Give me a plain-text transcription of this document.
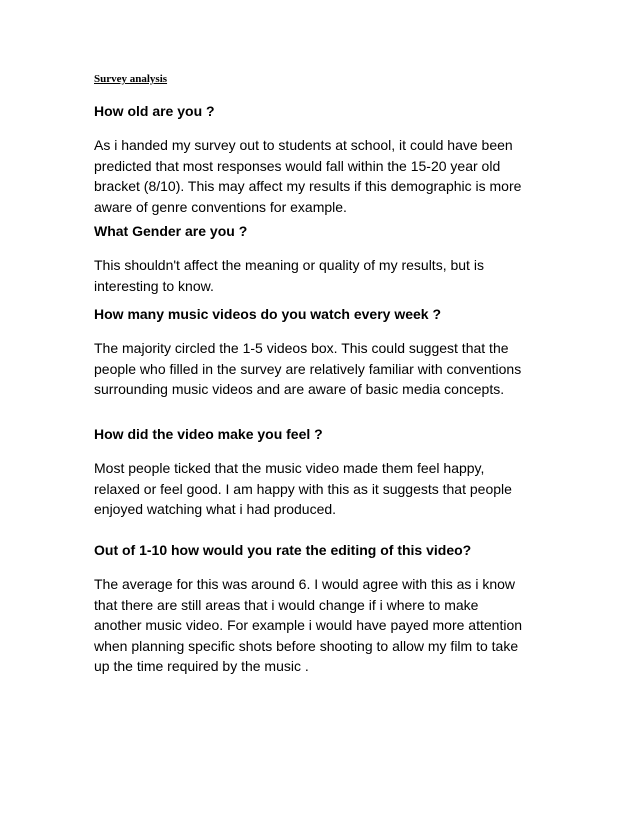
Survey analysis
How old are you ?
As i handed my survey out to students at school, it could have been
predicted that most responses would fall within the 15-20 year old
bracket (8/10). This may affect my results if this demographic is more
aware of genre conventions for example.
What Gender are you ?
This shouldn't affect the meaning or quality of my results, but is
interesting to know.
How many music videos do you watch every week ?
The majority circled the 1-5 videos box. This could suggest that the
people who filled in the survey are relatively familiar with conventions
surrounding music videos and are aware of basic media concepts.
How did the video make you feel ?
Most people ticked that the music video made them feel happy,
relaxed or feel good. I am happy with this as it suggests that people
enjoyed watching what i had produced.
Out of 1-10 how would you rate the editing of this video?
The average for this was around 6. I would agree with this as i know
that there are still areas that i would change if i where to make
another music video. For example i would have payed more attention
when planning specific shots before shooting to allow my film to take
up the time required by the music .
